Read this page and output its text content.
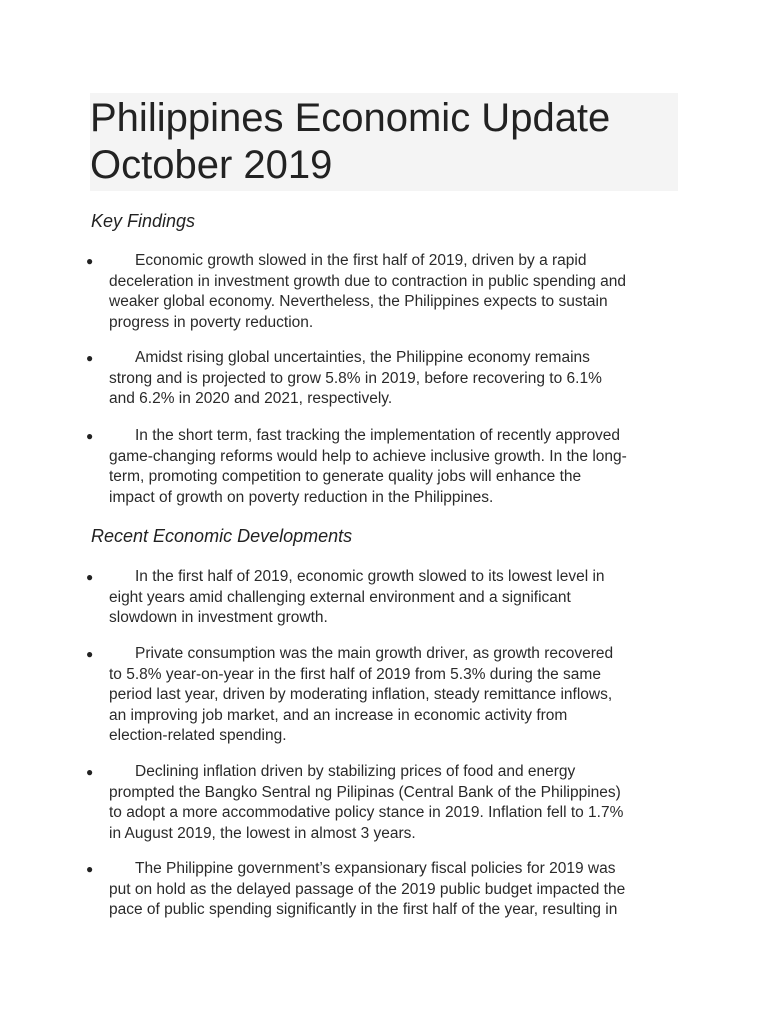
Philippines Economic Update
October 2019
Key Findings
●	Economic growth slowed in the first half of 2019, driven by a rapid
deceleration in investment growth due to contraction in public spending and
weaker global economy. Nevertheless, the Philippines expects to sustain
progress in poverty reduction.
●	Amidst rising global uncertainties, the Philippine economy remains
strong and is projected to grow 5.8% in 2019, before recovering to 6.1%
and 6.2% in 2020 and 2021, respectively.
●	In the short term, fast tracking the implementation of recently approved
game-changing reforms would help to achieve inclusive growth. In the long-
term, promoting competition to generate quality jobs will enhance the
impact of growth on poverty reduction in the Philippines.
Recent Economic Developments
●	In the first half of 2019, economic growth slowed to its lowest level in
eight years amid challenging external environment and a significant
slowdown in investment growth.
●	Private consumption was the main growth driver, as growth recovered
to 5.8% year-on-year in the first half of 2019 from 5.3% during the same
period last year, driven by moderating inflation, steady remittance inflows,
an improving job market, and an increase in economic activity from
election-related spending.
●	Declining inflation driven by stabilizing prices of food and energy
prompted the Bangko Sentral ng Pilipinas (Central Bank of the Philippines)
to adopt a more accommodative policy stance in 2019. Inflation fell to 1.7%
in August 2019, the lowest in almost 3 years.
●	The Philippine government’s expansionary fiscal policies for 2019 was
put on hold as the delayed passage of the 2019 public budget impacted the
pace of public spending significantly in the first half of the year, resulting in
